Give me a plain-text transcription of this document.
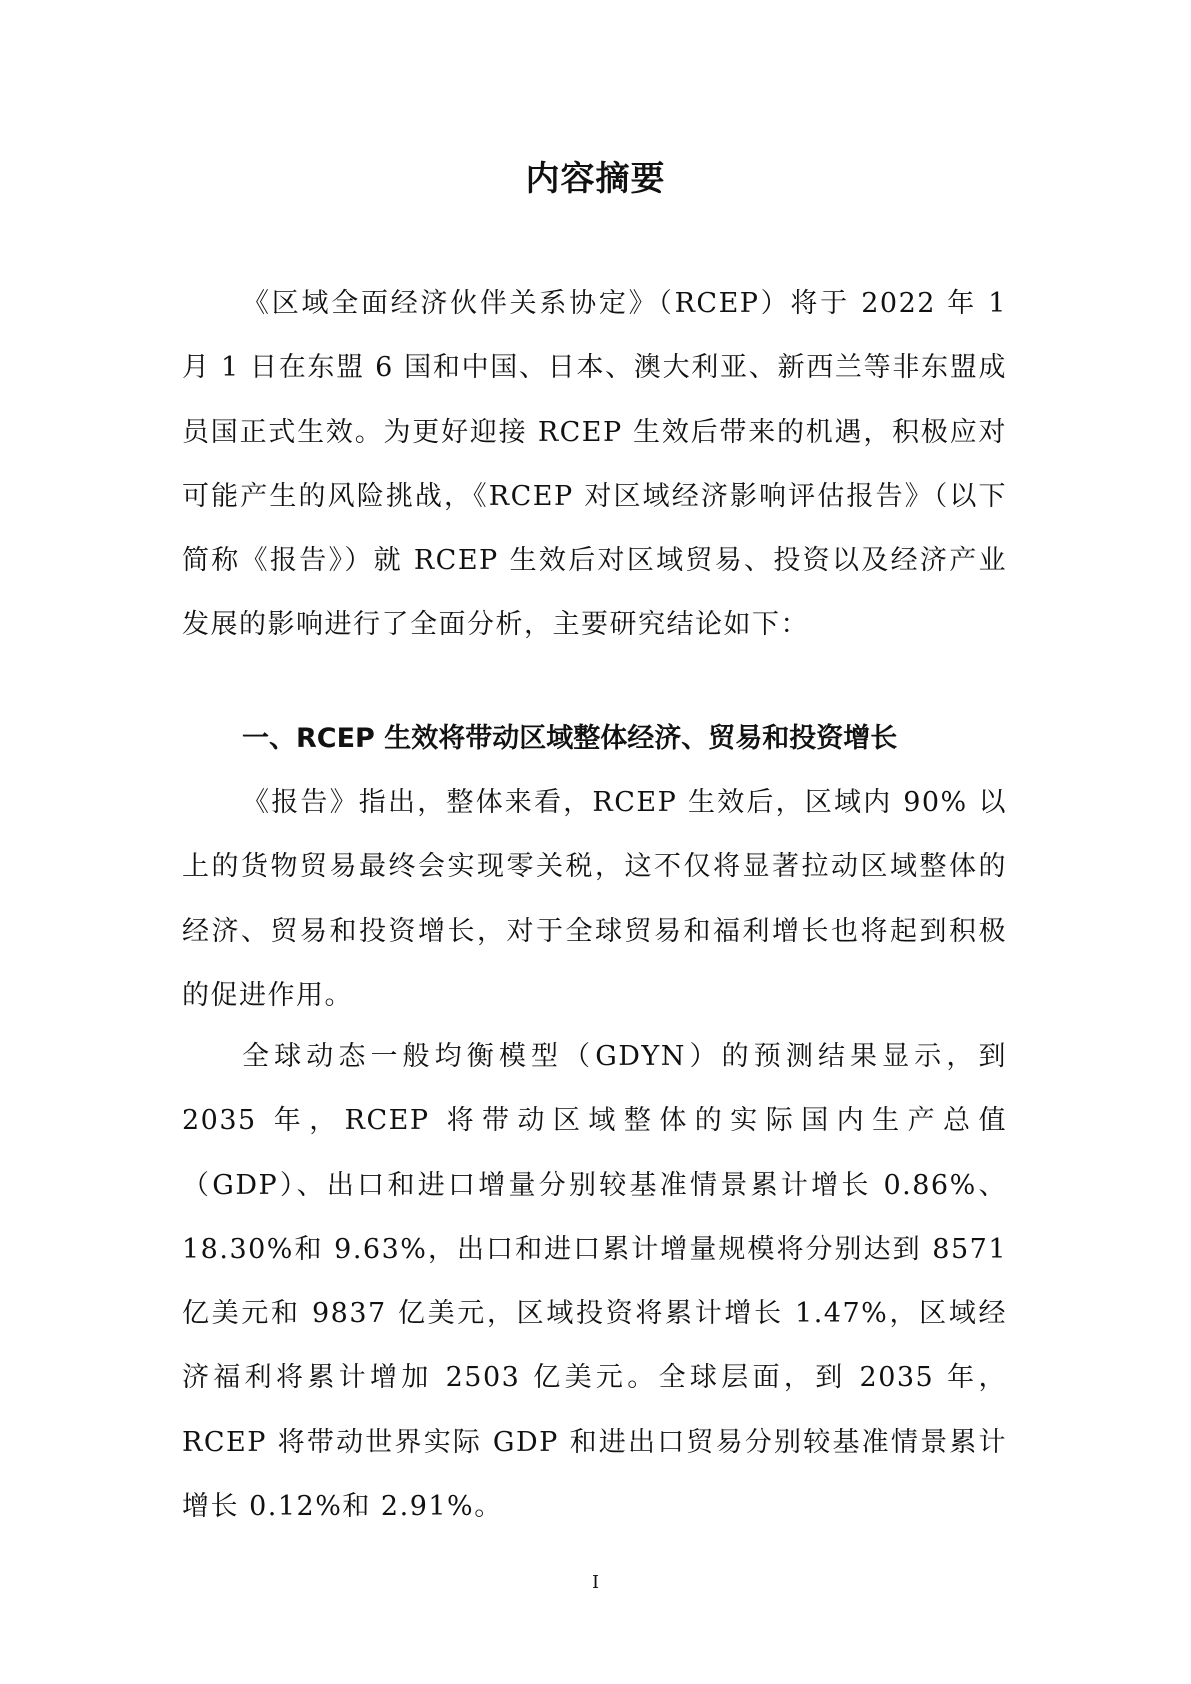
内容摘要

《区域全面经济伙伴关系协定》（RCEP）将于 2022 年 1 月 1 日在东盟 6 国和中国、日本、澳大利亚、新西兰等非东盟成员国正式生效。为更好迎接 RCEP 生效后带来的机遇，积极应对可能产生的风险挑战，《RCEP 对区域经济影响评估报告》（以下简称《报告》）就 RCEP 生效后对区域贸易、投资以及经济产业发展的影响进行了全面分析，主要研究结论如下：

一、RCEP 生效将带动区域整体经济、贸易和投资增长

《报告》指出，整体来看，RCEP 生效后，区域内 90% 以上的货物贸易最终会实现零关税，这不仅将显著拉动区域整体的经济、贸易和投资增长，对于全球贸易和福利增长也将起到积极的促进作用。

全球动态一般均衡模型（GDYN）的预测结果显示，到 2035 年，RCEP 将带动区域整体的实际国内生产总值（GDP）、出口和进口增量分别较基准情景累计增长 0.86%、18.30%和 9.63%，出口和进口累计增量规模将分别达到 8571 亿美元和 9837 亿美元，区域投资将累计增长 1.47%，区域经济福利将累计增加 2503 亿美元。全球层面，到 2035 年，RCEP 将带动世界实际 GDP 和进出口贸易分别较基准情景累计增长 0.12%和 2.91%。

I
